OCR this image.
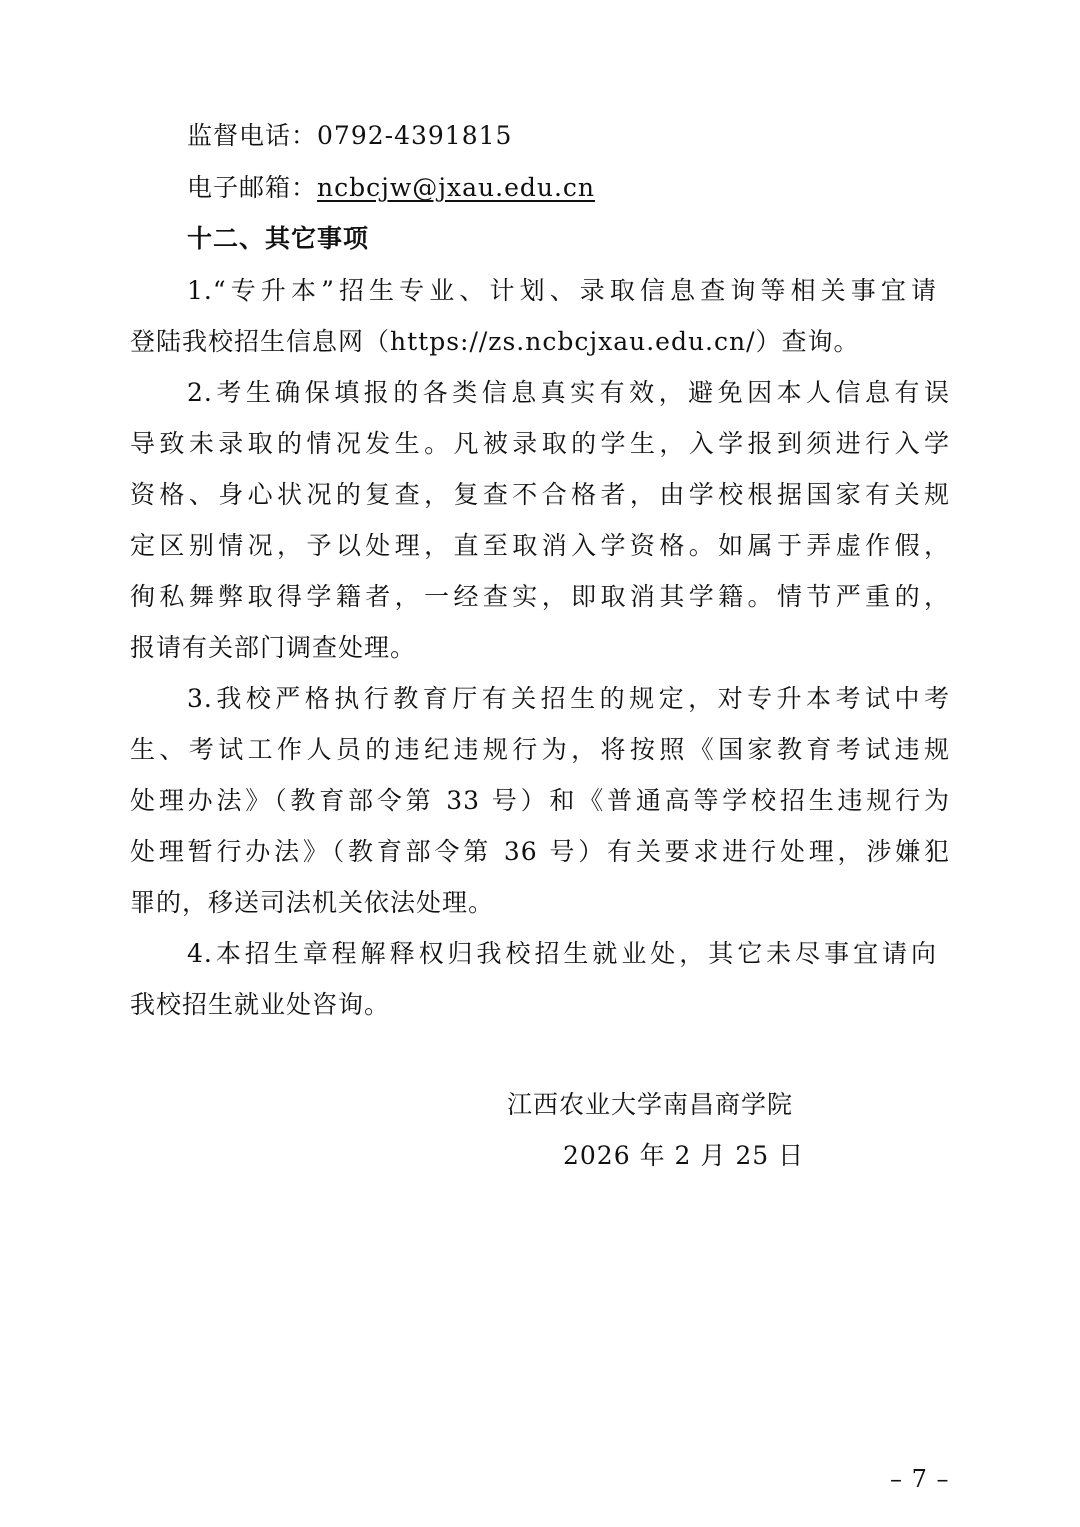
监督电话：0792-4391815
电子邮箱：ncbcjw@jxau.edu.cn
十二、其它事项
1.“专升本”招生专业、计划、录取信息查询等相关事宜请
登陆我校招生信息网（https://zs.ncbcjxau.edu.cn/）查询。
2.考生确保填报的各类信息真实有效，避免因本人信息有误
导致未录取的情况发生。凡被录取的学生，入学报到须进行入学
资格、身心状况的复查，复查不合格者，由学校根据国家有关规
定区别情况，予以处理，直至取消入学资格。如属于弄虚作假，
徇私舞弊取得学籍者，一经查实，即取消其学籍。情节严重的，
报请有关部门调查处理。
3.我校严格执行教育厅有关招生的规定，对专升本考试中考
生、考试工作人员的违纪违规行为，将按照《国家教育考试违规
处理办法》（教育部令第 33 号）和《普通高等学校招生违规行为
处理暂行办法》（教育部令第 36 号）有关要求进行处理，涉嫌犯
罪的，移送司法机关依法处理。
4.本招生章程解释权归我校招生就业处，其它未尽事宜请向
我校招生就业处咨询。
江西农业大学南昌商学院
2026 年 2 月 25 日
– 7 –
